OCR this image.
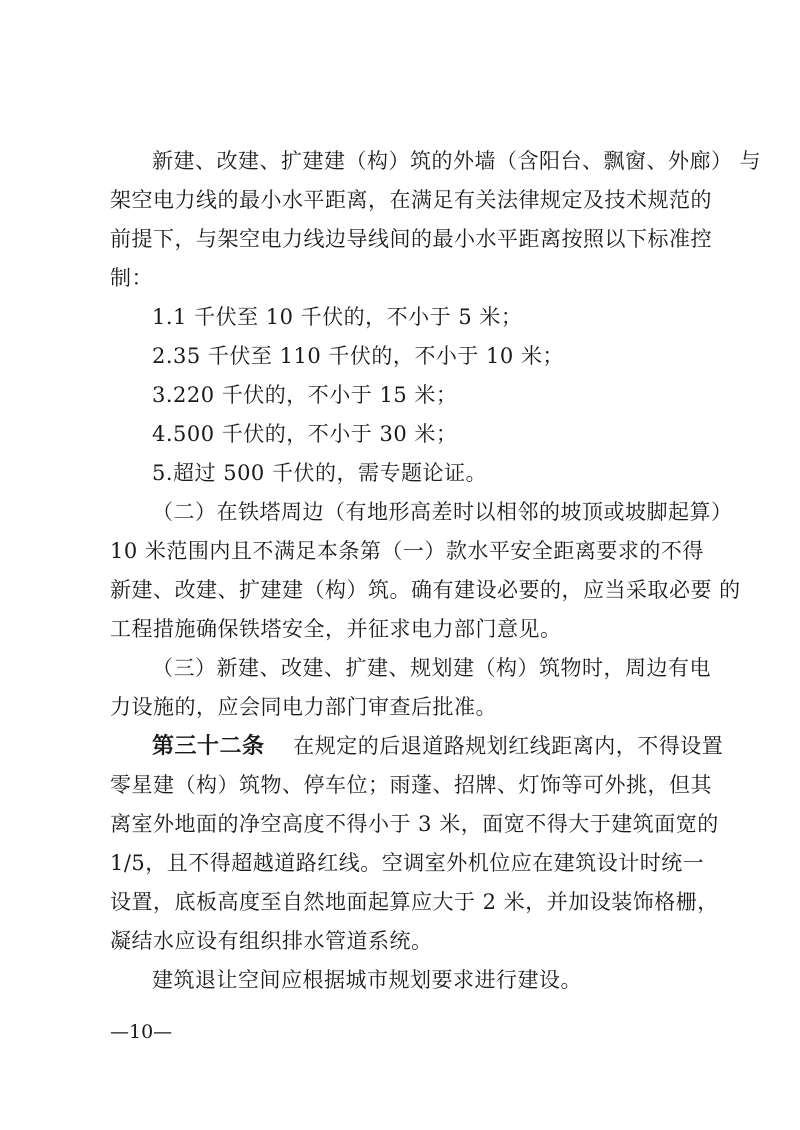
新建、改建、扩建建（构）筑的外墙（含阳台、飘窗、外廊） 与
架空电力线的最小水平距离，在满足有关法律规定及技术规范的
前提下，与架空电力线边导线间的最小水平距离按照以下标准控
制：
1.1 千伏至 10 千伏的，不小于 5 米；
2.35 千伏至 110 千伏的，不小于 10 米；
3.220 千伏的，不小于 15 米；
4.500 千伏的，不小于 30 米；
5.超过 500 千伏的，需专题论证。
（二）在铁塔周边（有地形高差时以相邻的坡顶或坡脚起算）
10 米范围内且不满足本条第（一）款水平安全距离要求的不得
新建、改建、扩建建（构）筑。确有建设必要的，应当采取必要 的
工程措施确保铁塔安全，并征求电力部门意见。
（三）新建、改建、扩建、规划建（构）筑物时，周边有电
力设施的，应会同电力部门审查后批准。
第三十二条 在规定的后退道路规划红线距离内，不得设置
零星建（构）筑物、停车位；雨蓬、招牌、灯饰等可外挑，但其
离室外地面的净空高度不得小于 3 米，面宽不得大于建筑面宽的
1/5，且不得超越道路红线。空调室外机位应在建筑设计时统一
设置，底板高度至自然地面起算应大于 2 米，并加设装饰格栅，
凝结水应设有组织排水管道系统。
建筑退让空间应根据城市规划要求进行建设。
—10—
